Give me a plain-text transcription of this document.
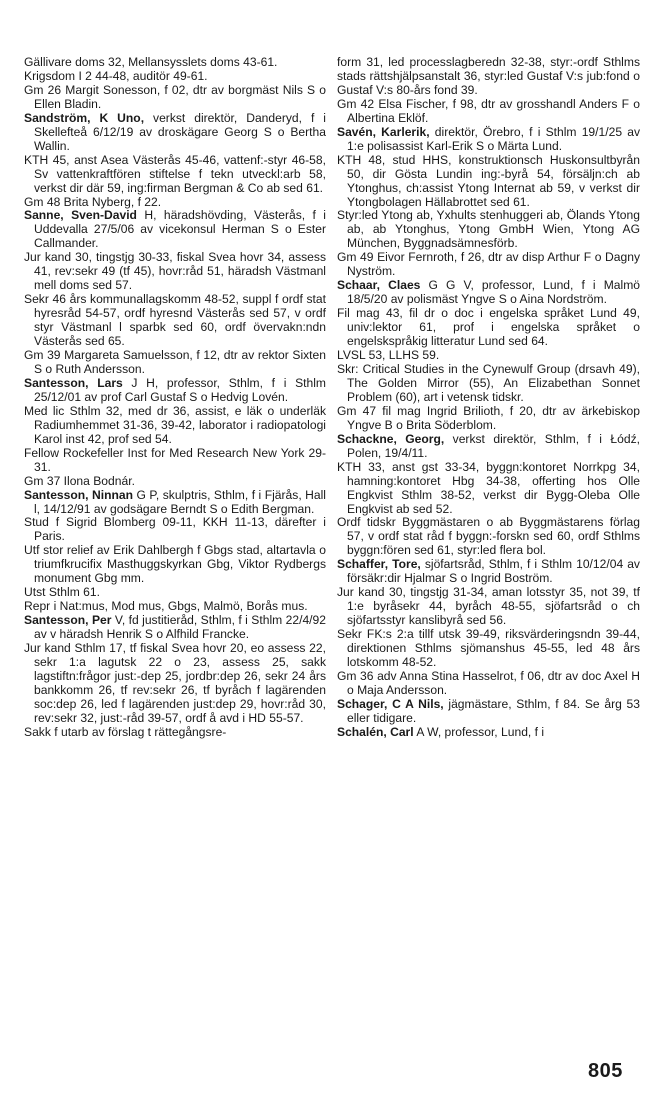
Gällivare doms 32, Mellansysslets doms 43-61.

Krigsdom I 2 44-48, auditör 49-61.

Gm 26 Margit Sonesson, f 02, dtr av borgmäst Nils S o Ellen Bladin.

Sandström, K Uno, verkst direktör, Danderyd, f i Skellefteå 6/12/19 av droskägare Georg S o Bertha Wallin.

KTH 45, anst Asea Västerås 45-46, vattenf:-styr 46-58, Sv vattenkraftfören stiftelse f tekn utveckl:arb 58, verkst dir där 59, ing:firman Bergman & Co ab sed 61.

Gm 48 Brita Nyberg, f 22.

Sanne, Sven-David H, häradshövding, Västerås, f i Uddevalla 27/5/06 av vicekonsul Herman S o Ester Callmander.

Jur kand 30, tingstjg 30-33, fiskal Svea hovr 34, assess 41, rev:sekr 49 (tf 45), hovr:råd 51, häradsh Västmanl mell doms sed 57.

Sekr 46 års kommunallagskomm 48-52, suppl f ordf stat hyresråd 54-57, ordf hyresnd Västerås sed 57, v ordf styr Västmanl l sparbk sed 60, ordf övervakn:ndn Västerås sed 65.

Gm 39 Margareta Samuelsson, f 12, dtr av rektor Sixten S o Ruth Andersson.

Santesson, Lars J H, professor, Sthlm, f i Sthlm 25/12/01 av prof Carl Gustaf S o Hedvig Lovén.

Med lic Sthlm 32, med dr 36, assist, e läk o underläk Radiumhemmet 31-36, 39-42, laborator i radiopatologi Karol inst 42, prof sed 54.

Fellow Rockefeller Inst for Med Research New York 29-31.

Gm 37 Ilona Bodnár.

Santesson, Ninnan G P, skulptris, Sthlm, f i Fjärås, Hall l, 14/12/91 av godsägare Berndt S o Edith Bergman.

Stud f Sigrid Blomberg 09-11, KKH 11-13, därefter i Paris.

Utf stor relief av Erik Dahlbergh f Gbgs stad, altartavla o triumfkrucifix Masthuggskyrkan Gbg, Viktor Rydbergs monument Gbg mm.

Utst Sthlm 61.

Repr i Nat:mus, Mod mus, Gbgs, Malmö, Borås mus.

Santesson, Per V, fd justitieråd, Sthlm, f i Sthlm 22/4/92 av v häradsh Henrik S o Alfhild Francke.

Jur kand Sthlm 17, tf fiskal Svea hovr 20, eo assess 22, sekr 1:a lagutsk 22 o 23, assess 25, sakk lagstiftn:frågor just:-dep 25, jordbr:dep 26, sekr 24 års bankkomm 26, tf rev:sekr 26, tf byråch f lagärenden soc:dep 26, led f lagärenden just:dep 29, hovr:råd 30, rev:sekr 32, just:-råd 39-57, ordf å avd i HD 55-57.

Sakk f utarb av förslag t rättegångsre-

form 31, led processlagberedn 32-38, styr:-ordf Sthlms stads rättshjälpsanstalt 36, styr:led Gustaf V:s jub:fond o Gustaf V:s 80-års fond 39.

Gm 42 Elsa Fischer, f 98, dtr av grosshandl Anders F o Albertina Eklöf.

Savén, Karlerik, direktör, Örebro, f i Sthlm 19/1/25 av 1:e polisassist Karl-Erik S o Märta Lund.

KTH 48, stud HHS, konstruktionsch Huskonsultbyrån 50, dir Gösta Lundin ing:-byrå 54, försäljn:ch ab Ytonghus, ch:assist Ytong Internat ab 59, v verkst dir Ytongbolagen Hällabrottet sed 61.

Styr:led Ytong ab, Yxhults stenhuggeri ab, Ölands Ytong ab, ab Ytonghus, Ytong GmbH Wien, Ytong AG München, Byggnadsämnesförb.

Gm 49 Eivor Fernroth, f 26, dtr av disp Arthur F o Dagny Nyström.

Schaar, Claes G G V, professor, Lund, f i Malmö 18/5/20 av polismäst Yngve S o Aina Nordström.

Fil mag 43, fil dr o doc i engelska språket Lund 49, univ:lektor 61, prof i engelska språket o engelskspråkig litteratur Lund sed 64.

LVSL 53, LLHS 59.

Skr: Critical Studies in the Cynewulf Group (drsavh 49), The Golden Mirror (55), An Elizabethan Sonnet Problem (60), art i vetensk tidskr.

Gm 47 fil mag Ingrid Brilioth, f 20, dtr av ärkebiskop Yngve B o Brita Söderblom.

Schackne, Georg, verkst direktör, Sthlm, f i Łódź, Polen, 19/4/11.

KTH 33, anst gst 33-34, byggn:kontoret Norrkpg 34, hamning:kontoret Hbg 34-38, offerting hos Olle Engkvist Sthlm 38-52, verkst dir Bygg-Oleba Olle Engkvist ab sed 52.

Ordf tidskr Byggmästaren o ab Byggmästarens förlag 57, v ordf stat råd f byggn:-forskn sed 60, ordf Sthlms byggn:fören sed 61, styr:led flera bol.

Schaffer, Tore, sjöfartsråd, Sthlm, f i Sthlm 10/12/04 av försäkr:dir Hjalmar S o Ingrid Boström.

Jur kand 30, tingstjg 31-34, aman lotsstyr 35, not 39, tf 1:e byråsekr 44, byråch 48-55, sjöfartsråd o ch sjöfartsstyr kanslibyrå sed 56.

Sekr FK:s 2:a tillf utsk 39-49, riksvärderingsndn 39-44, direktionen Sthlms sjömanshus 45-55, led 48 års lotskomm 48-52.

Gm 36 adv Anna Stina Hasselrot, f 06, dtr av doc Axel H o Maja Andersson.

Schager, C A Nils, jägmästare, Sthlm, f 84. Se årg 53 eller tidigare.

Schalén, Carl A W, professor, Lund, f i

805
